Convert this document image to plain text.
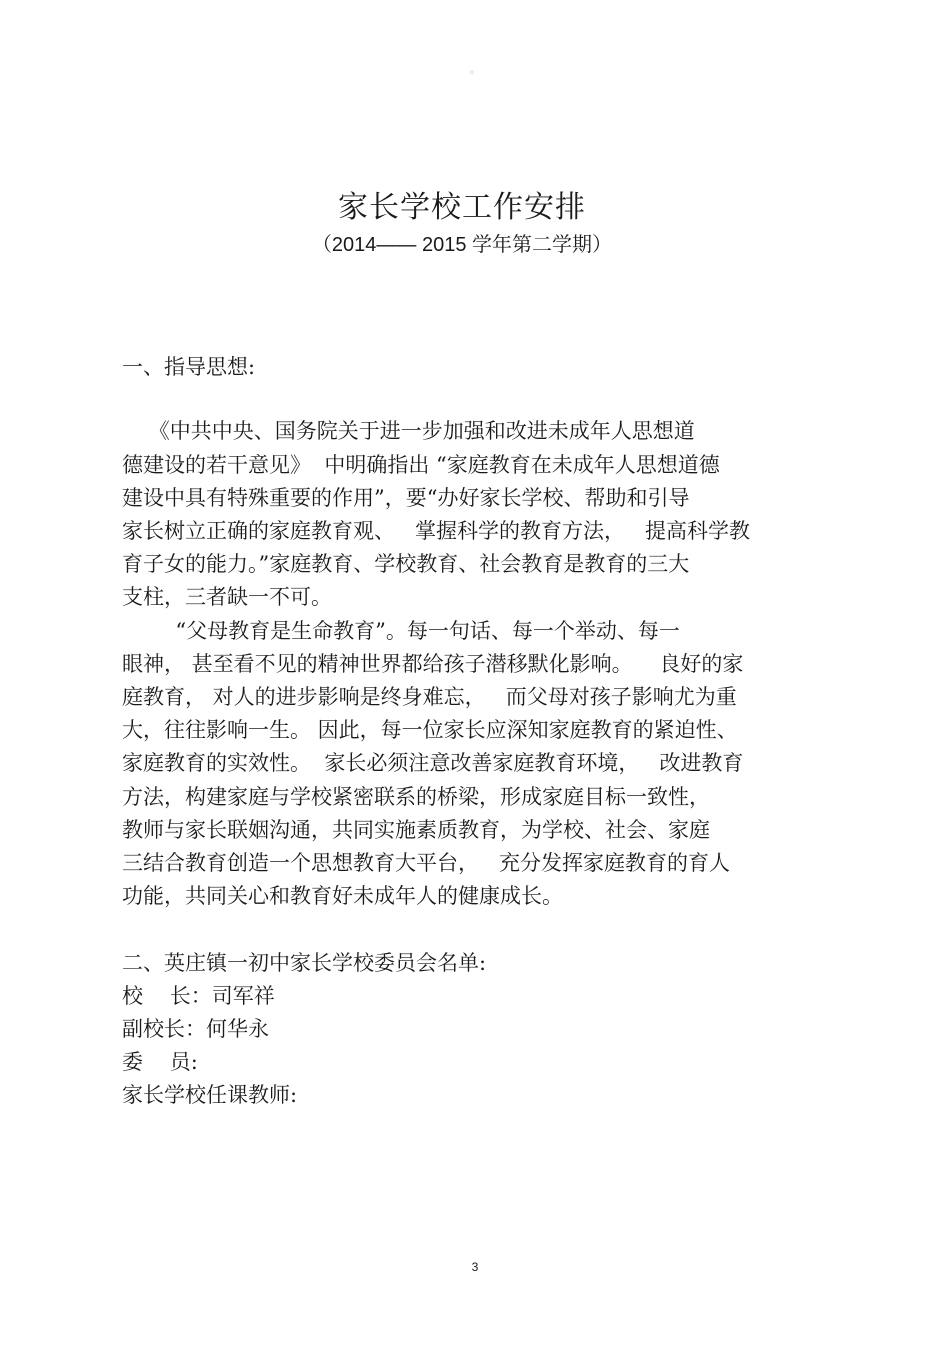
◦
家长学校工作安排
（2014—— 2015 学年第二学期）
一、指导思想:
《中共中央、国务院关于进一步加强和改进未成年人思想道
德建设的若干意见》  中明确指出 “家庭教育在未成年人思想道德
建设中具有特殊重要的作用”，要“办好家长学校、帮助和引导
家长树立正确的家庭教育观、   掌握科学的教育方法，   提高科学教
育子女的能力。”家庭教育、学校教育、社会教育是教育的三大
支柱，三者缺一不可。
“父母教育是生命教育”。每一句话、每一个举动、每一
眼神， 甚至看不见的精神世界都给孩子潜移默化影响。    良好的家
庭教育， 对人的进步影响是终身难忘，   而父母对孩子影响尤为重
大，往往影响一生。 因此，每一位家长应深知家庭教育的紧迫性、
家庭教育的实效性。  家长必须注意改善家庭教育环境，   改进教育
方法，构建家庭与学校紧密联系的桥梁，形成家庭目标一致性，
教师与家长联姻沟通，共同实施素质教育，为学校、社会、家庭
三结合教育创造一个思想教育大平台，   充分发挥家庭教育的育人
功能，共同关心和教育好未成年人的健康成长。
二、英庄镇一初中家长学校委员会名单:
校    长：司军祥
副校长：何华永
委    员:
家长学校任课教师:
3
